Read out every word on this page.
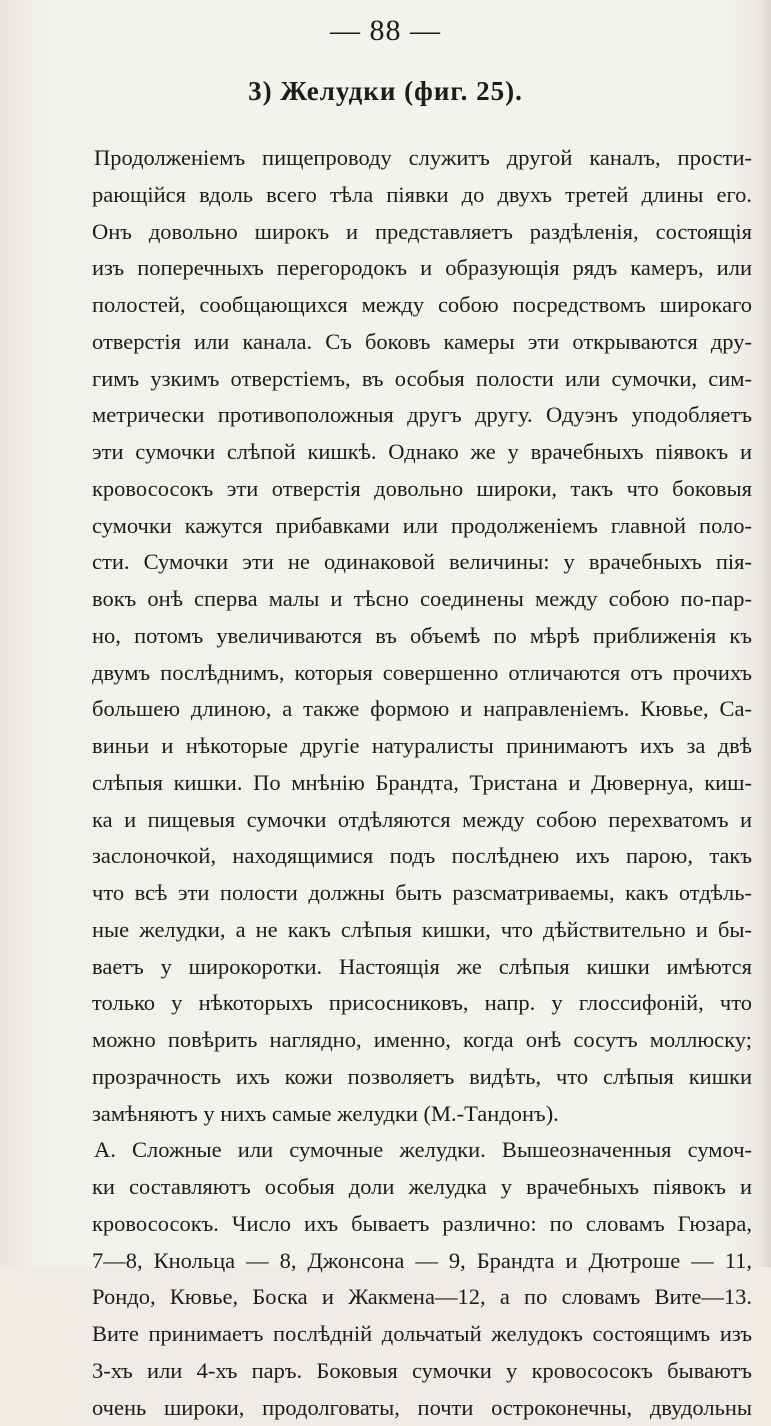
— 88 —
3) Желудки (фиг. 25).
Продолженіемъ пищепроводу служитъ другой каналъ, прости-
рающійся вдоль всего тѣла піявки до двухъ третей длины его.
Онъ довольно широкъ и представляетъ раздѣленія, состоящія
изъ поперечныхъ перегородокъ и образующія рядъ камеръ, или
полостей, сообщающихся между собою посредствомъ широкаго
отверстія или канала. Съ боковъ камеры эти открываются дру-
гимъ узкимъ отверстіемъ, въ особыя полости или сумочки, сим-
метрически противоположныя другъ другу. Одуэнъ уподобляетъ
эти сумочки слѣпой кишкѣ. Однако же у врачебныхъ піявокъ и
кровососокъ эти отверстія довольно широки, такъ что боковыя
сумочки кажутся прибавками или продолженіемъ главной поло-
сти. Сумочки эти не одинаковой величины: у врачебныхъ пія-
вокъ онѣ сперва малы и тѣсно соединены между собою по-пар-
но, потомъ увеличиваются въ объемѣ по мѣрѣ приближенія къ
двумъ послѣднимъ, которыя совершенно отличаются отъ прочихъ
большею длиною, а также формою и направленіемъ. Кювье, Са-
виньи и нѣкоторые другіе натуралисты принимаютъ ихъ за двѣ
слѣпыя кишки. По мнѣнію Брандта, Тристана и Дювернуа, киш-
ка и пищевыя сумочки отдѣляются между собою перехватомъ и
заслоночкой, находящимися подъ послѣднею ихъ парою, такъ
что всѣ эти полости должны быть разсматриваемы, какъ отдѣль-
ные желудки, а не какъ слѣпыя кишки, что дѣйствительно и бы-
ваетъ у широкоротки. Настоящія же слѣпыя кишки имѣются
только у нѣкоторыхъ присосниковъ, напр. у глоссифоній, что
можно повѣрить наглядно, именно, когда онѣ сосутъ моллюску;
прозрачность ихъ кожи позволяетъ видѣть, что слѣпыя кишки
замѣняютъ у нихъ самые желудки (М.-Тандонъ).
А. Сложные или сумочные желудки. Вышеозначенныя сумоч-
ки составляютъ особыя доли желудка у врачебныхъ піявокъ и
кровососокъ. Число ихъ бываетъ различно: по словамъ Гюзара,
7—8, Кнольца — 8, Джонсона — 9, Брандта и Дютроше — 11,
Рондо, Кювье, Боска и Жакмена—12, а по словамъ Вите—13.
Вите принимаетъ послѣдній дольчатый желудокъ состоящимъ изъ
3-хъ или 4-хъ паръ. Боковыя сумочки у кровососокъ бываютъ
очень широки, продолговаты, почти остроконечны, двудольны
